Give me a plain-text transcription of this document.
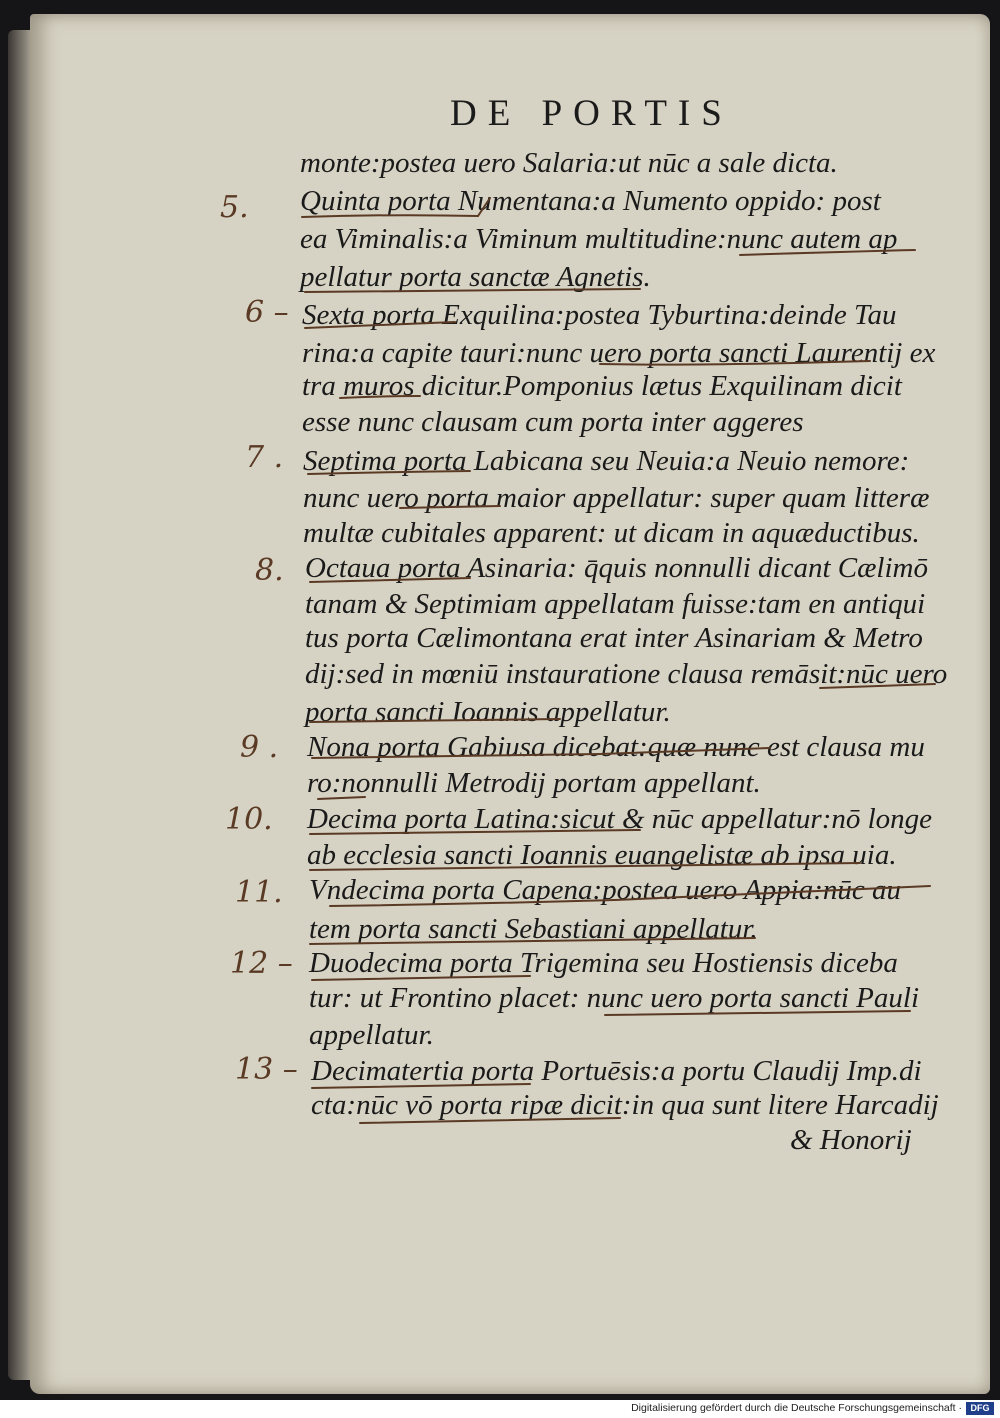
DE PORTIS
monte:postea uero Salaria:ut nūc a sale dicta.
Quinta porta Numentana:a Numento oppido: post
ea Viminalis:a Viminum multitudine:nunc autem ap
pellatur porta sanctæ Agnetis.
Sexta porta Exquilina:postea Tyburtina:deinde Tau
rina:a capite tauri:nunc uero porta sancti Laurentij ex
tra muros dicitur.Pomponius lætus Exquilinam dicit
esse nunc clausam cum porta inter aggeres
Septima porta Labicana seu Neuia:a Neuio nemore:
nunc uero porta maior appellatur: super quam litteræ
multæ cubitales apparent: ut dicam in aquæductibus.
Octaua porta Asinaria: q̄quis nonnulli dicant Cælimō
tanam & Septimiam appellatam fuisse:tam en antiqui
tus porta Cælimontana erat inter Asinariam & Metro
dij:sed in mœniū instauratione clausa remāsit:nūc uero
porta sancti Ioannis appellatur.
Nona porta Gabiusa dicebat:quæ nunc est clausa mu
ro:nonnulli Metrodij portam appellant.
Decima porta Latina:sicut & nūc appellatur:nō longe
ab ecclesia sancti Ioannis euangelistæ ab ipsa uia.
Vndecima porta Capena:postea uero Appia:nūc au
tem porta sancti Sebastiani appellatur.
Duodecima porta Trigemina seu Hostiensis diceba
tur: ut Frontino placet: nunc uero porta sancti Pauli
appellatur.
Decimatertia porta Portuēsis:a portu Claudij Imp.di
cta:nūc vō porta ripæ dicit:in qua sunt litere Harcadij
& Honorij
5.
6 –
7 .
8.
9 .
10.
11.
12 –
13 –
Digitalisierung gefördert durch die Deutsche Forschungsgemeinschaft · DFG
